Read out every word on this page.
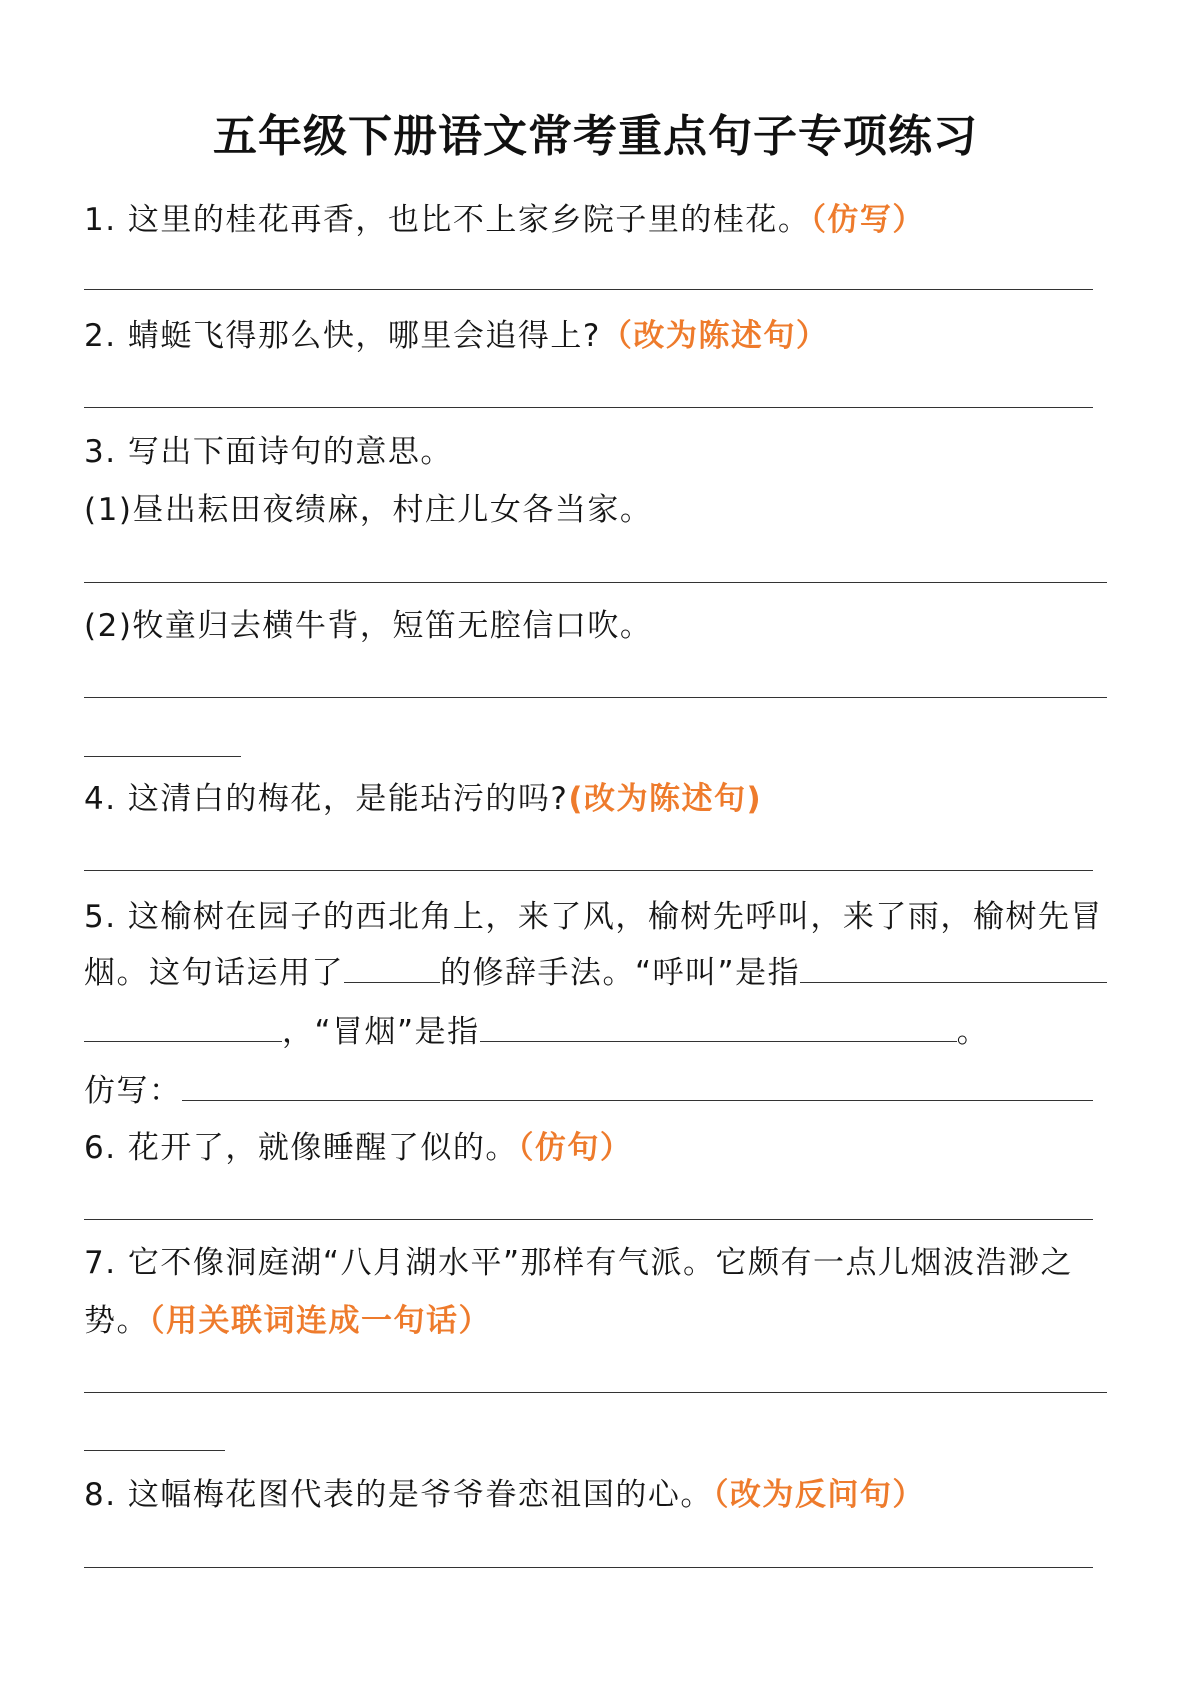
五年级下册语文常考重点句子专项练习
1. 这里的桂花再香，也比不上家乡院子里的桂花。（仿写）
2. 蜻蜓飞得那么快，哪里会追得上?（改为陈述句）
3. 写出下面诗句的意思。
(1)昼出耘田夜绩麻，村庄儿女各当家。
(2)牧童归去横牛背，短笛无腔信口吹。
4. 这清白的梅花，是能玷污的吗?(改为陈述句)
5. 这榆树在园子的西北角上，来了风，榆树先呼叫，来了雨，榆树先冒
烟。这句话运用了	的修辞手法。“呼叫”是指
，“冒烟”是指	。
仿写：
6. 花开了，就像睡醒了似的。（仿句）
7. 它不像洞庭湖“八月湖水平”那样有气派。它颇有一点儿烟波浩渺之
势。（用关联词连成一句话）
8. 这幅梅花图代表的是爷爷眷恋祖国的心。（改为反问句）
